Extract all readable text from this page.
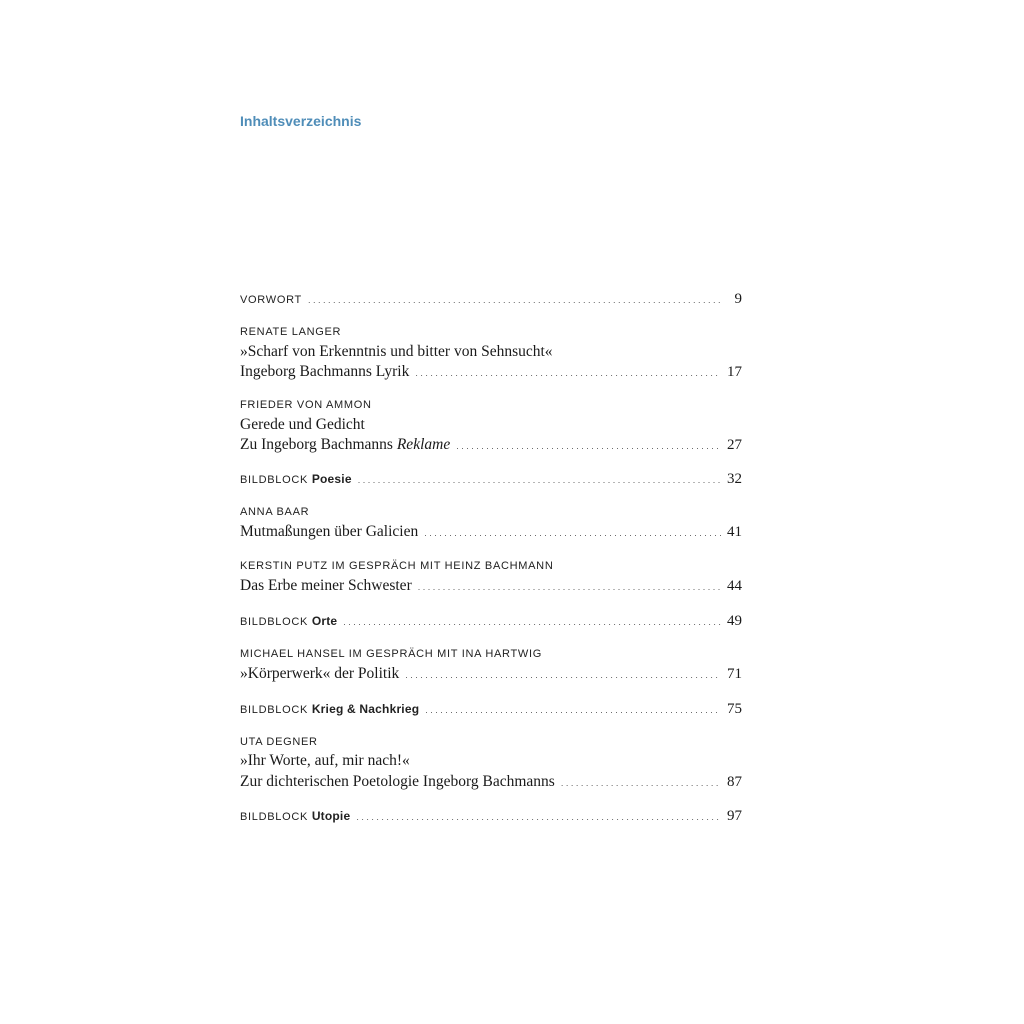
Inhaltsverzeichnis
VORWORT . . .	9
RENATE LANGER
»Scharf von Erkenntnis und bitter von Sehnsucht«
Ingeborg Bachmanns Lyrik . . .	17
FRIEDER VON AMMON
Gerede und Gedicht
Zu Ingeborg Bachmanns Reklame . . .	27
BILDBLOCK Poesie . . .	32
ANNA BAAR
Mutmaßungen über Galicien . . .	41
KERSTIN PUTZ IM GESPRÄCH MIT HEINZ BACHMANN
Das Erbe meiner Schwester . . .	44
BILDBLOCK Orte . . .	49
MICHAEL HANSEL IM GESPRÄCH MIT INA HARTWIG
»Körperwerk« der Politik . . .	71
BILDBLOCK Krieg & Nachkrieg . . .	75
UTA DEGNER
»Ihr Worte, auf, mir nach!«
Zur dichterischen Poetologie Ingeborg Bachmanns . . .	87
BILDBLOCK Utopie . . .	97
